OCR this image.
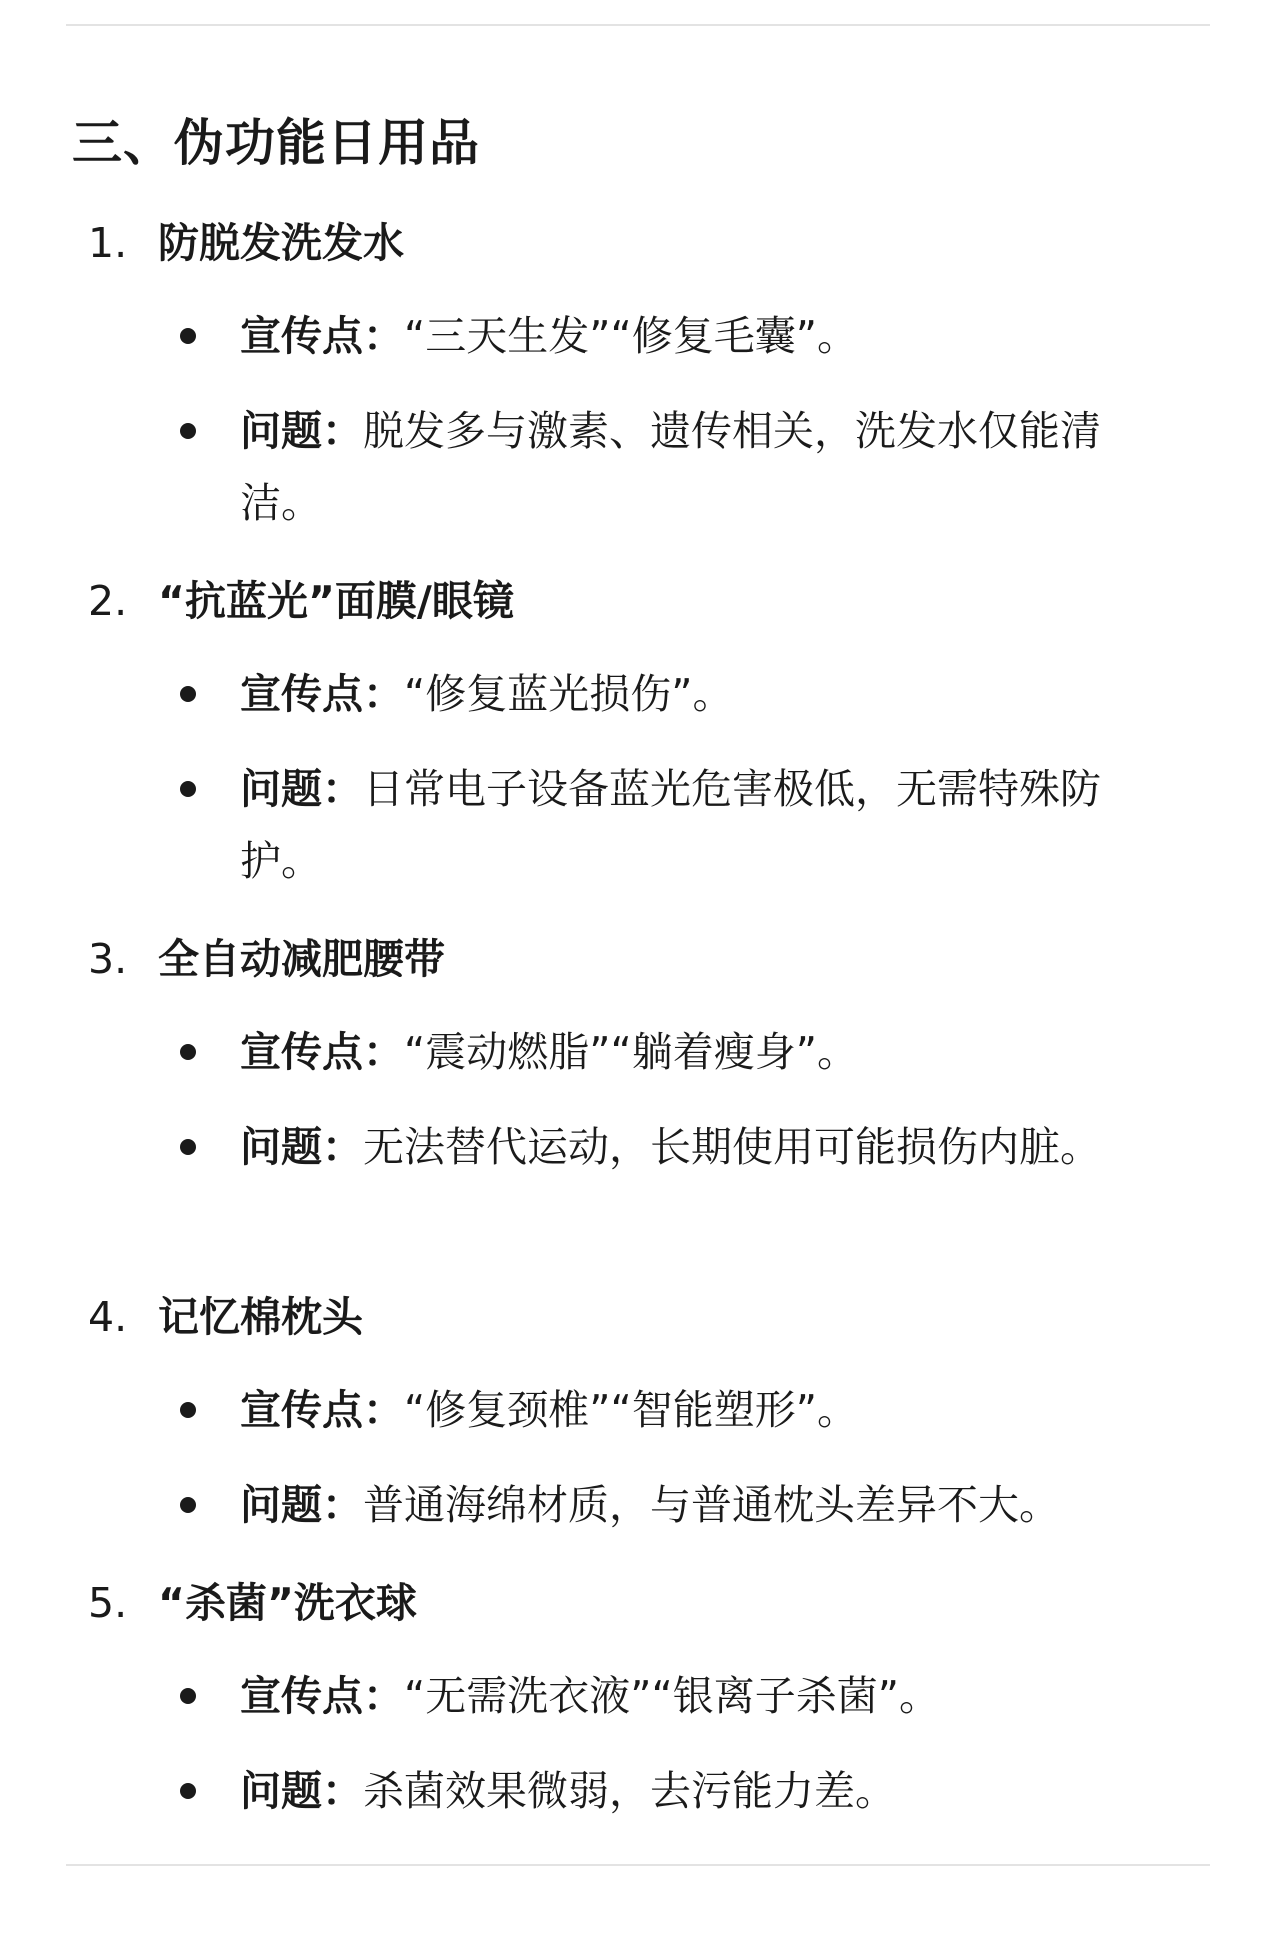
三、伪功能日用品
1. 防脱发洗发水
宣传点：“三天生发”“修复毛囊”。
问题：脱发多与激素、遗传相关，洗发水仅能清洁。
2. “抗蓝光”面膜/眼镜
宣传点：“修复蓝光损伤”。
问题：日常电子设备蓝光危害极低，无需特殊防护。
3. 全自动减肥腰带
宣传点：“震动燃脂”“躺着瘦身”。
问题：无法替代运动，长期使用可能损伤内脏。
4. 记忆棉枕头
宣传点：“修复颈椎”“智能塑形”。
问题：普通海绵材质，与普通枕头差异不大。
5. “杀菌”洗衣球
宣传点：“无需洗衣液”“银离子杀菌”。
问题：杀菌效果微弱，去污能力差。
